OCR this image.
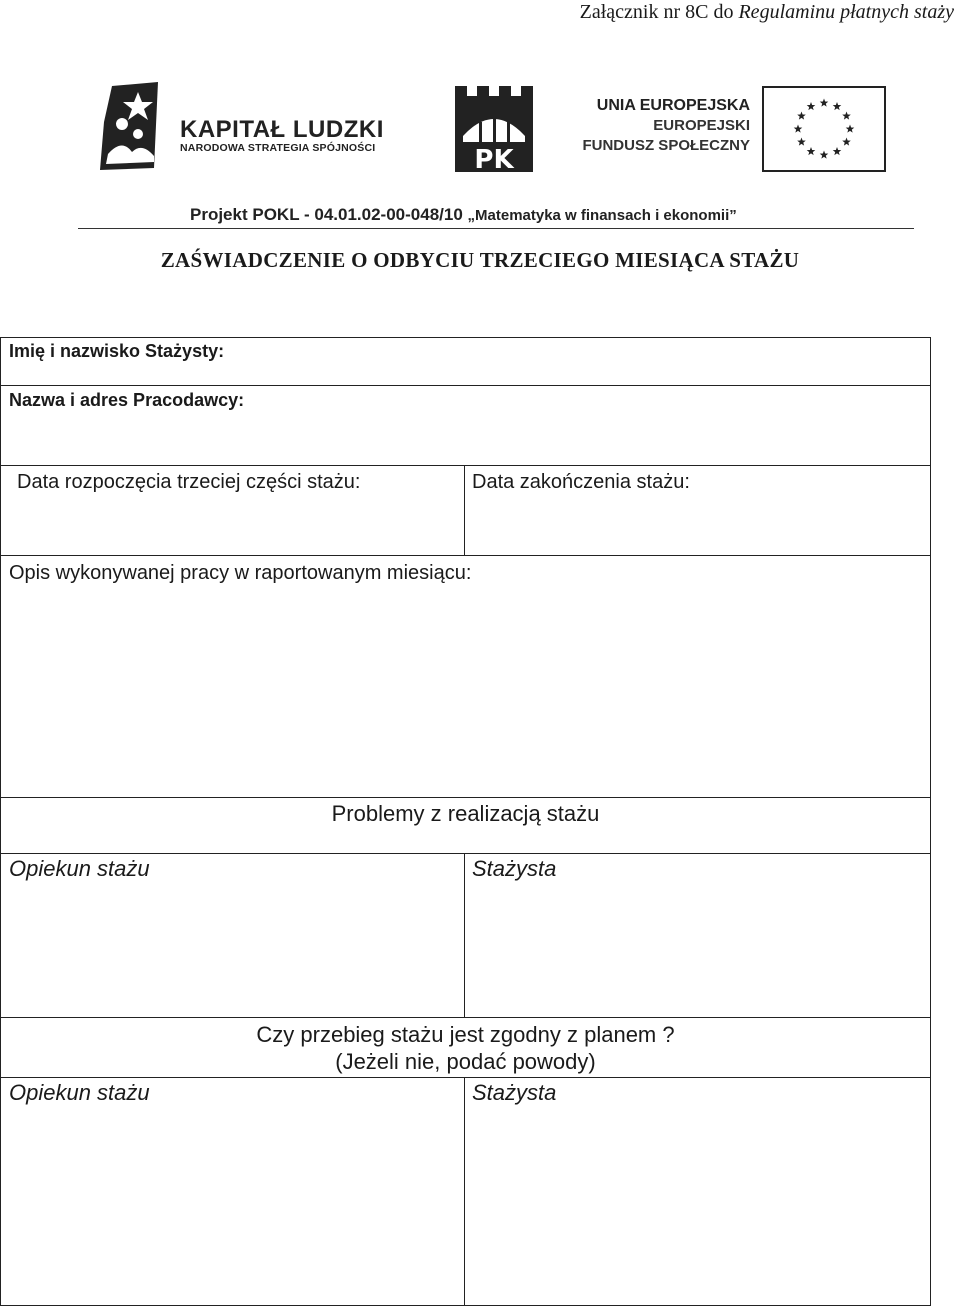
Załącznik nr 8C do Regulaminu płatnych staży
KAPITAŁ LUDZKI
NARODOWA STRATEGIA SPÓJNOŚCI	PK
UNIA EUROPEJSKA
EUROPEJSKI
FUNDUSZ SPOŁECZNY
Projekt POKL - 04.01.02-00-048/10 „Matematyka w finansach i ekonomii”
ZAŚWIADCZENIE O ODBYCIU TRZECIEGO MIESIĄCA STAŻU
Imię i nazwisko Stażysty:
Nazwa i adres Pracodawcy:
Data rozpoczęcia trzeciej części stażu:	Data zakończenia stażu:
Opis wykonywanej pracy w raportowanym miesiącu:
Problemy z realizacją stażu
Opiekun stażu	Stażysta
Czy przebieg stażu jest zgodny z planem ?
(Jeżeli nie, podać powody)
Opiekun stażu	Stażysta
